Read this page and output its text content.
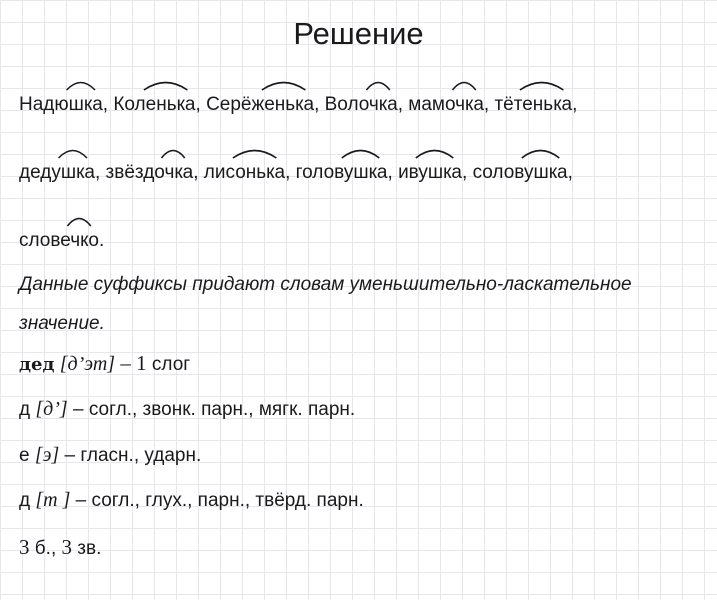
Решение
Надюшк
а, Коленьк
а, Серёженьк
а, Волочк
а, мамочк
а, тётеньк
а,
дедушк
а, звёздочк
а, лисоньк
а, головушк
а, ивушк
а, соловушк
а,
словечк
о.
Данные суффиксы придают словам уменьшительно-ласкательное
значение.
дед [д’эт] – 1 слог
д [д’] – согл., звонк. парн., мягк. парн.
е [э] – гласн., ударн.
д [т ] – согл., глух., парн., твёрд. парн.
3 б., 3 зв.
